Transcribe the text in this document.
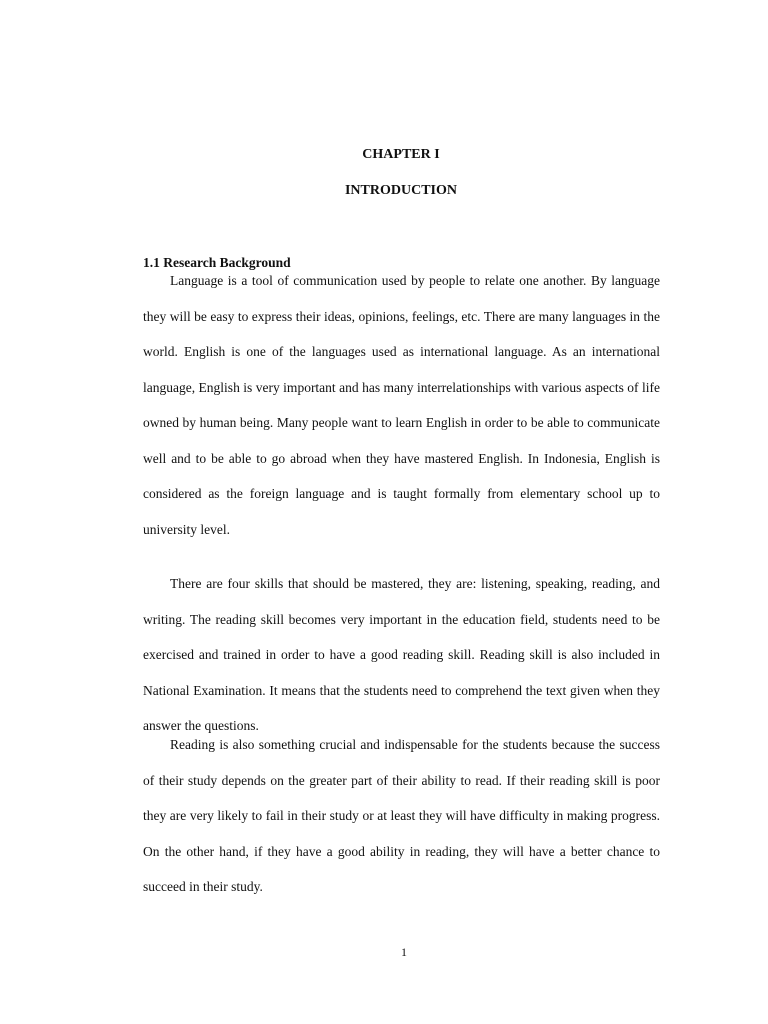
CHAPTER I
INTRODUCTION
1.1 Research Background

Language is a tool of communication used by people to relate one another. By language they will be easy to express their ideas, opinions, feelings, etc. There are many languages in the world. English is one of the languages used as international language. As an international language, English is very important and has many interrelationships with various aspects of life owned by human being. Many people want to learn English in order to be able to communicate well and to be able to go abroad when they have mastered English. In Indonesia, English is considered as the foreign language and is taught formally from elementary school up to university level.

There are four skills that should be mastered, they are: listening, speaking, reading, and writing. The reading skill becomes very important in the education field, students need to be exercised and trained in order to have a good reading skill. Reading skill is also included in National Examination. It means that the students need to comprehend the text given when they answer the questions.

Reading is also something crucial and indispensable for the students because the success of their study depends on the greater part of their ability to read. If their reading skill is poor they are very likely to fail in their study or at least they will have difficulty in making progress. On the other hand, if they have a good ability in reading, they will have a better chance to succeed in their study.

1
